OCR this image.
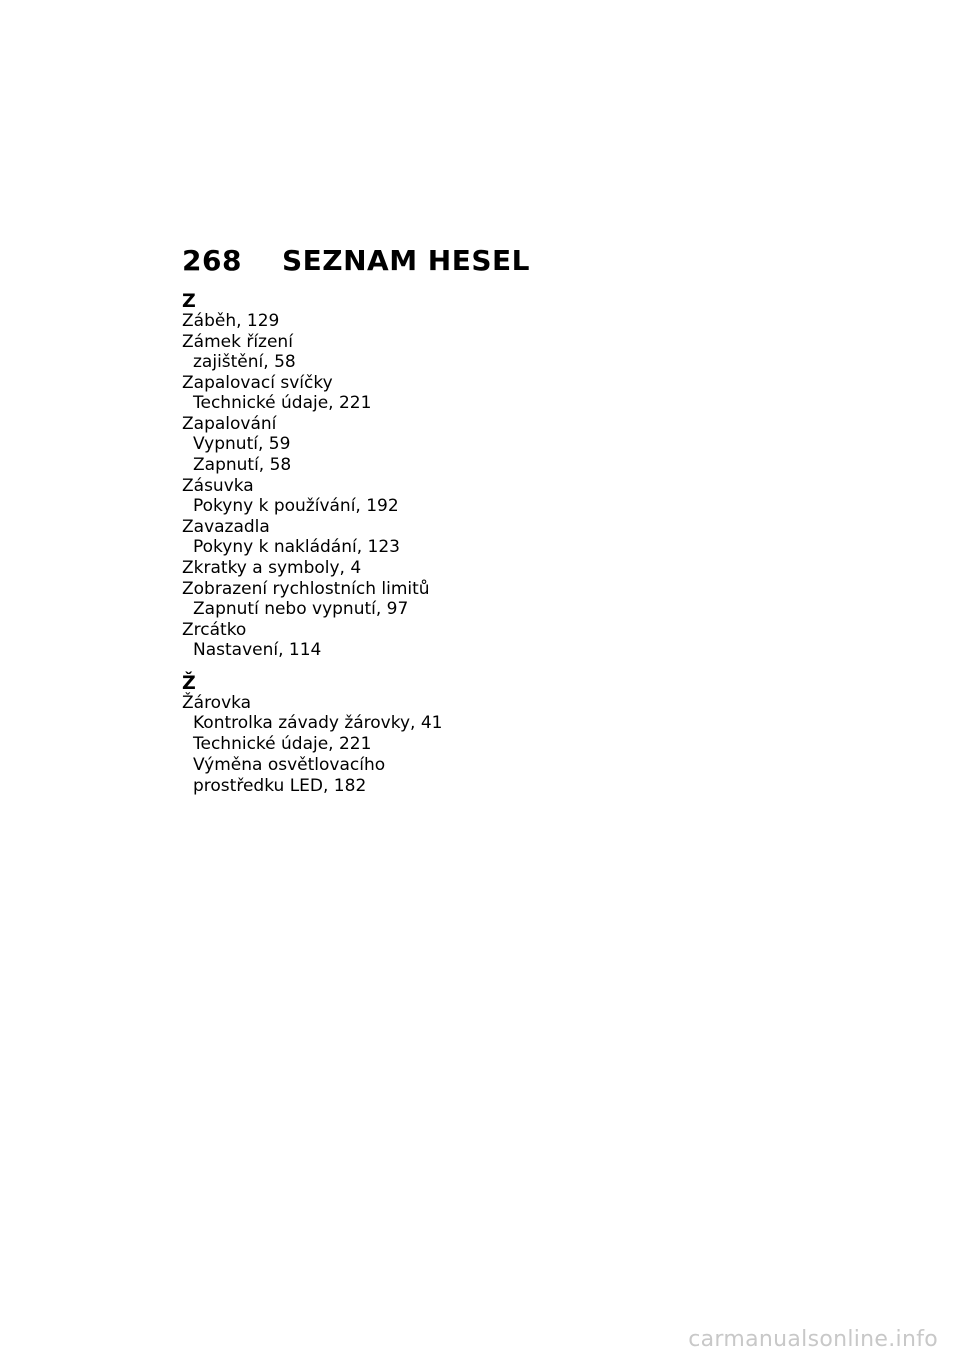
268	SEZNAM HESEL
Z
Záběh, 129
Zámek řízení
zajištění, 58
Zapalovací svíčky
Technické údaje, 221
Zapalování
Vypnutí, 59
Zapnutí, 58
Zásuvka
Pokyny k používání, 192
Zavazadla
Pokyny k nakládání, 123
Zkratky a symboly, 4
Zobrazení rychlostních limitů
Zapnutí nebo vypnutí, 97
Zrcátko
Nastavení, 114
Ž
Žárovka
Kontrolka závady žárovky, 41
Technické údaje, 221
Výměna osvětlovacího
prostředku LED, 182
carmanualsonline.info
